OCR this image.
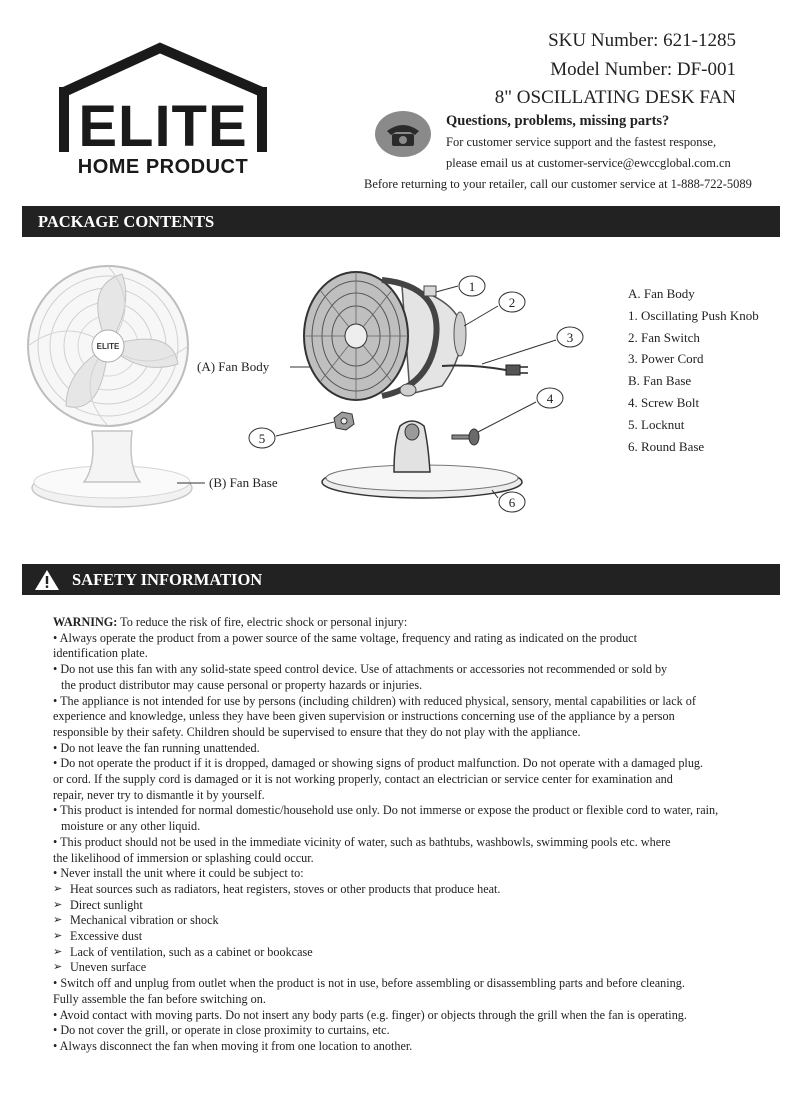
ELITE
HOME PRODUCT
SKU Number: 621-1285
Model Number: DF-001
8" OSCILLATING DESK FAN
Questions, problems, missing parts?
For customer service support and the fastest response,
please email us at customer-service@ewccglobal.com.cn
Before returning to your retailer, call our customer service at 1-888-722-5089
PACKAGE CONTENTS
ELITE
(A) Fan Body
(B) Fan Base
1
2
3
4
5
6
A. Fan Body
1. Oscillating Push Knob
2. Fan Switch
3. Power Cord
B. Fan Base
4. Screw Bolt
5. Locknut
6. Round Base
SAFETY INFORMATION
WARNING: To reduce the risk of fire, electric shock or personal injury:
• Always operate the product from a power source of the same voltage, frequency and rating as indicated on the product
identification plate.
• Do not use this fan with any solid-state speed control device. Use of attachments or accessories not recommended or sold by
the product distributor may cause personal or property hazards or injuries.
• The appliance is not intended for use by persons (including children) with reduced physical, sensory, mental capabilities or lack of
experience and knowledge, unless they have been given supervision or instructions concerning use of the appliance by a person
responsible by their safety. Children should be supervised to ensure that they do not play with the appliance.
• Do not leave the fan running unattended.
• Do not operate the product if it is dropped, damaged or showing signs of product malfunction. Do not operate with a damaged plug.
or cord. If the supply cord is damaged or it is not working properly, contact an electrician or service center for examination and
repair, never try to dismantle it by yourself.
• This product is intended for normal domestic/household use only. Do not immerse or expose the product or flexible cord to water, rain,
moisture or any other liquid.
• This product should not be used in the immediate vicinity of water, such as bathtubs, washbowls, swimming pools etc. where
the likelihood of immersion or splashing could occur.
• Never install the unit where it could be subject to:
➢ Heat sources such as radiators, heat registers, stoves or other products that produce heat.
➢ Direct sunlight
➢ Mechanical vibration or shock
➢ Excessive dust
➢ Lack of ventilation, such as a cabinet or bookcase
➢ Uneven surface
• Switch off and unplug from outlet when the product is not in use, before assembling or disassembling parts and before cleaning.
Fully assemble the fan before switching on.
• Avoid contact with moving parts. Do not insert any body parts (e.g. finger) or objects through the grill when the fan is operating.
• Do not cover the grill, or operate in close proximity to curtains, etc.
• Always disconnect the fan when moving it from one location to another.
